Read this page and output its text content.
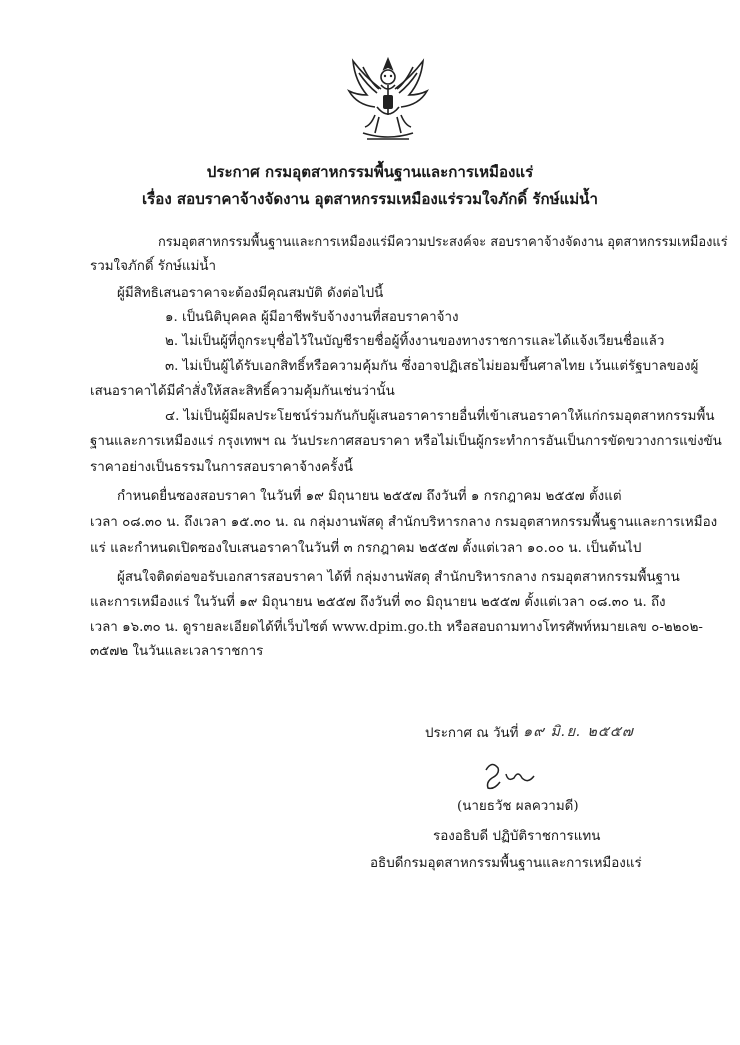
ประกาศ กรมอุตสาหกรรมพื้นฐานและการเหมืองแร่
เรื่อง สอบราคาจ้างจัดงาน อุตสาหกรรมเหมืองแร่รวมใจภักดิ์ รักษ์แม่น้ำ
กรมอุตสาหกรรมพื้นฐานและการเหมืองแร่มีความประสงค์จะ สอบราคาจ้างจัดงาน อุตสาหกรรมเหมืองแร่
รวมใจภักดิ์ รักษ์แม่น้ำ
ผู้มีสิทธิเสนอราคาจะต้องมีคุณสมบัติ ดังต่อไปนี้
๑. เป็นนิติบุคคล ผู้มีอาชีพรับจ้างงานที่สอบราคาจ้าง
๒. ไม่เป็นผู้ที่ถูกระบุชื่อไว้ในบัญชีรายชื่อผู้ทิ้งงานของทางราชการและได้แจ้งเวียนชื่อแล้ว
๓. ไม่เป็นผู้ได้รับเอกสิทธิ์หรือความคุ้มกัน ซึ่งอาจปฏิเสธไม่ยอมขึ้นศาลไทย เว้นแต่รัฐบาลของผู้
เสนอราคาได้มีคำสั่งให้สละสิทธิ์ความคุ้มกันเช่นว่านั้น
๔. ไม่เป็นผู้มีผลประโยชน์ร่วมกันกับผู้เสนอราคารายอื่นที่เข้าเสนอราคาให้แก่กรมอุตสาหกรรมพื้น
ฐานและการเหมืองแร่ กรุงเทพฯ ณ วันประกาศสอบราคา หรือไม่เป็นผู้กระทำการอันเป็นการขัดขวางการแข่งขัน
ราคาอย่างเป็นธรรมในการสอบราคาจ้างครั้งนี้
กำหนดยื่นซองสอบราคา ในวันที่ ๑๙ มิถุนายน ๒๕๕๗ ถึงวันที่ ๑ กรกฎาคม ๒๕๕๗ ตั้งแต่
เวลา ๐๘.๓๐ น. ถึงเวลา ๑๕.๓๐ น. ณ กลุ่มงานพัสดุ สำนักบริหารกลาง กรมอุตสาหกรรมพื้นฐานและการเหมือง
แร่ และกำหนดเปิดซองใบเสนอราคาในวันที่ ๓ กรกฎาคม ๒๕๕๗ ตั้งแต่เวลา ๑๐.๐๐ น. เป็นต้นไป
ผู้สนใจติดต่อขอรับเอกสารสอบราคา ได้ที่ กลุ่มงานพัสดุ สำนักบริหารกลาง กรมอุตสาหกรรมพื้นฐาน
และการเหมืองแร่ ในวันที่ ๑๙ มิถุนายน ๒๕๕๗ ถึงวันที่ ๓๐ มิถุนายน ๒๕๕๗ ตั้งแต่เวลา ๐๘.๓๐ น. ถึง
เวลา ๑๖.๓๐ น. ดูรายละเอียดได้ที่เว็บไซต์ www.dpim.go.th หรือสอบถามทางโทรศัพท์หมายเลข ๐-๒๒๐๒-
๓๕๗๒ ในวันและเวลาราชการ
ประกาศ ณ วันที่ ๑๙ มิ.ย. ๒๕๕๗
(นายธวัช ผลความดี)
รองอธิบดี ปฏิบัติราชการแทน
อธิบดีกรมอุตสาหกรรมพื้นฐานและการเหมืองแร่
